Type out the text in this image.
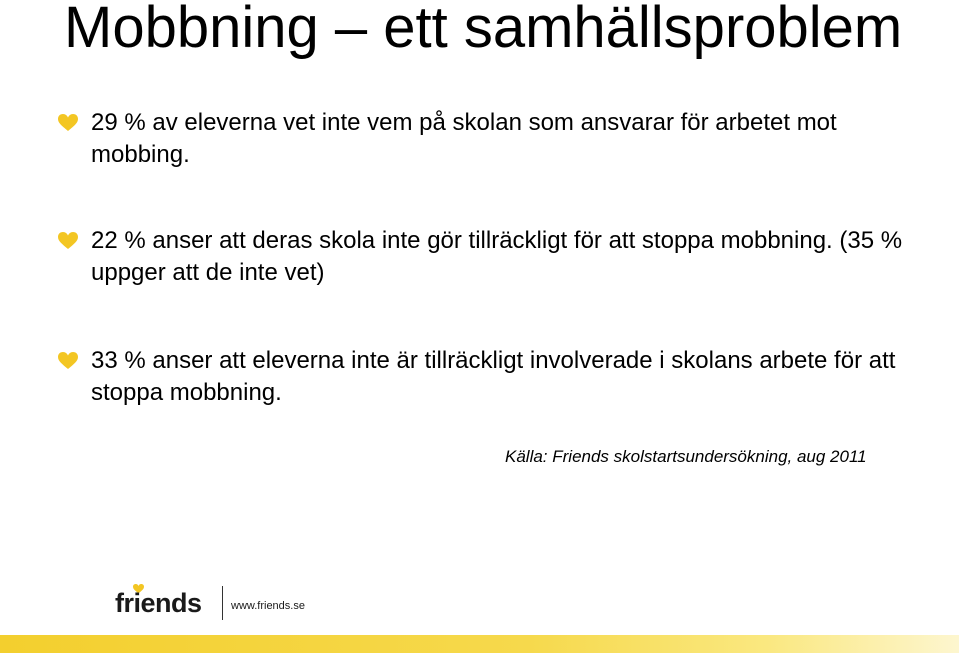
Mobbning – ett samhällsproblem
29 % av eleverna vet inte vem på skolan som ansvarar för arbetet mot mobbing.
22 % anser att deras skola inte gör tillräckligt för att stoppa mobbning. (35 % uppger att de inte vet)
33 % anser att eleverna inte är tillräckligt involverade i skolans arbete för att stoppa mobbning.
Källa: Friends skolstartsundersökning, aug 2011
friends	www.friends.se
